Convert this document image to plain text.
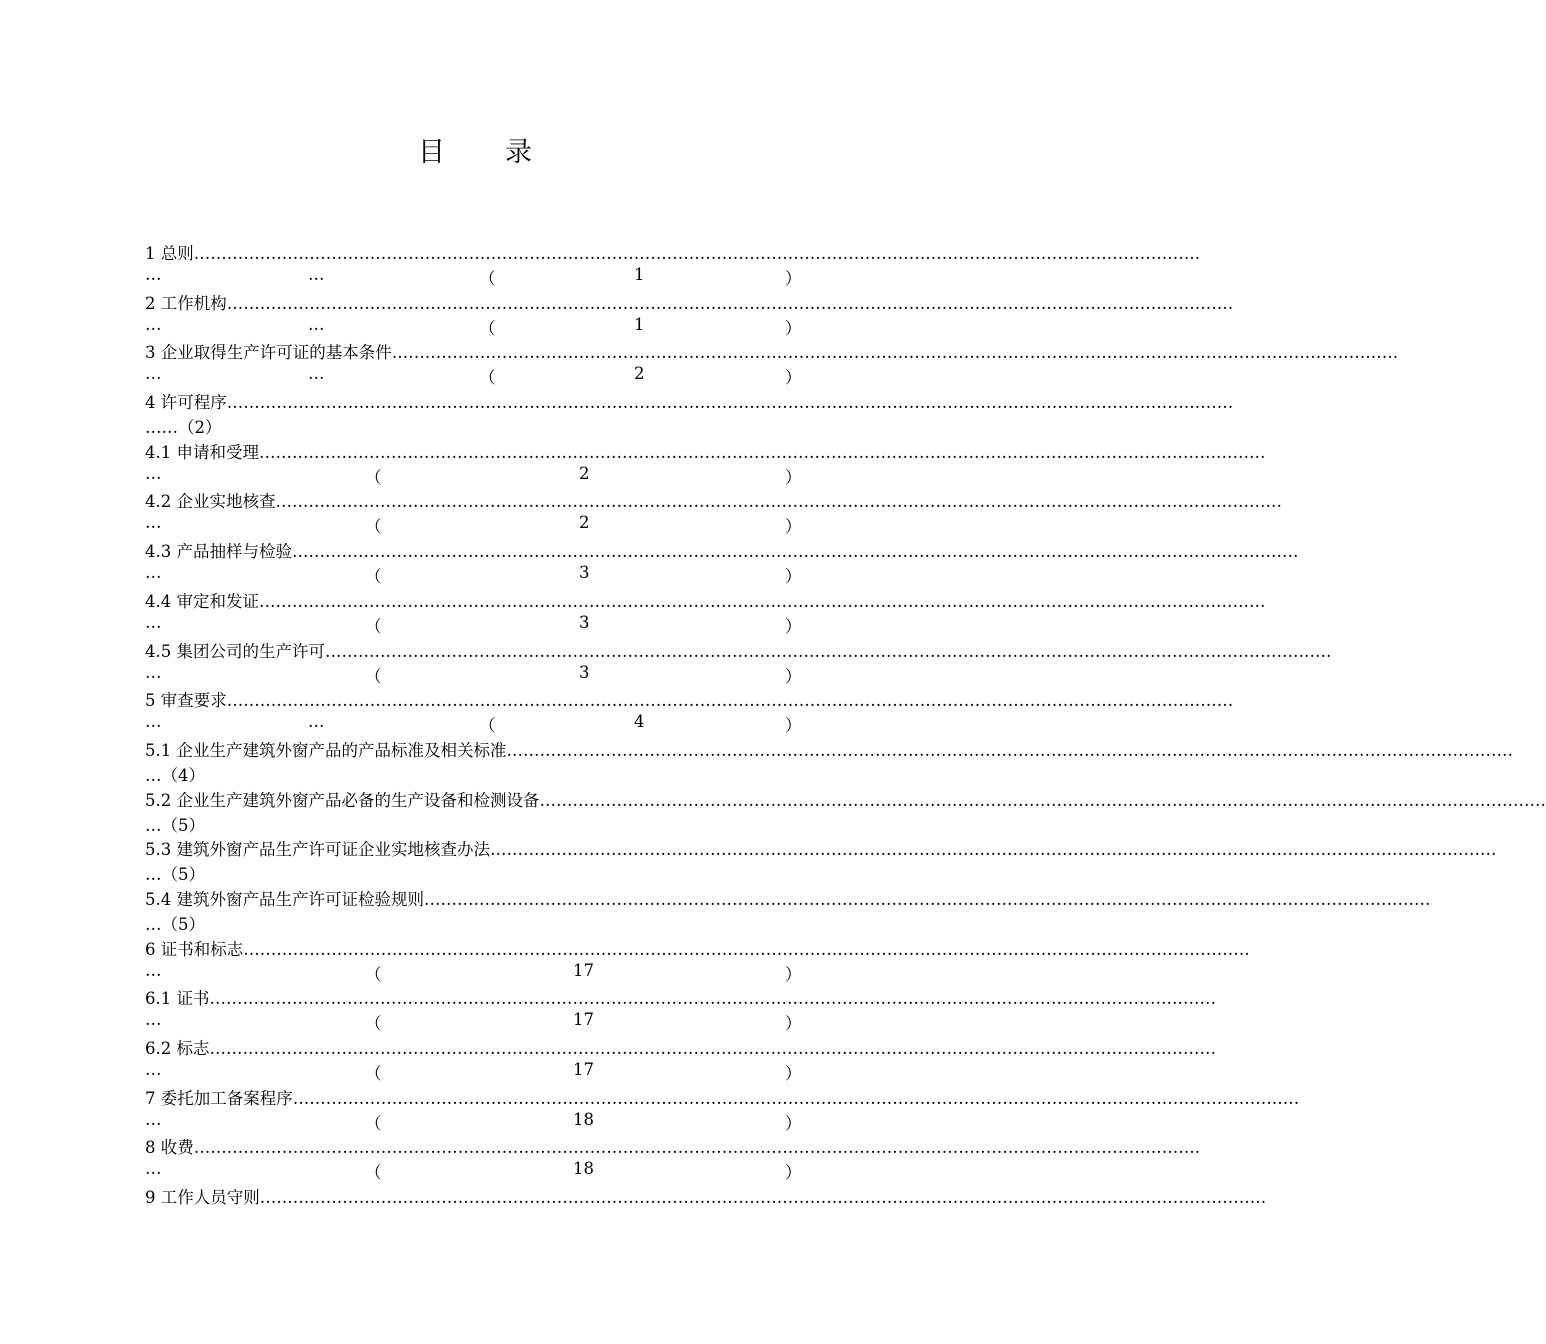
目 录
1 总则 …………………………………………………………………………………………………………………………………………………………………
…	…	（	1	）
2 工作机构 …………………………………………………………………………………………………………………………………………………………………
…	…	（	1	）
3 企业取得生产许可证的基本条件 …………………………………………………………………………………………………………………………………………………………………
…	…	（	2	）
4 许可程序 …………………………………………………………………………………………………………………………………………………………………
……（2）
4.1 申请和受理 …………………………………………………………………………………………………………………………………………………………………
…	（	2	）
4.2 企业实地核查 …………………………………………………………………………………………………………………………………………………………………
…	（	2	）
4.3 产品抽样与检验 …………………………………………………………………………………………………………………………………………………………………
…	（	3	）
4.4 审定和发证 …………………………………………………………………………………………………………………………………………………………………
…	（	3	）
4.5 集团公司的生产许可 …………………………………………………………………………………………………………………………………………………………………
…	（	3	）
5 审查要求 …………………………………………………………………………………………………………………………………………………………………
…	…	（	4	）
5.1 企业生产建筑外窗产品的产品标准及相关标准 …………………………………………………………………………………………………………………………………………………………………
…（4）
5.2 企业生产建筑外窗产品必备的生产设备和检测设备 …………………………………………………………………………………………………………………………………………………………………
…（5）
5.3 建筑外窗产品生产许可证企业实地核查办法 …………………………………………………………………………………………………………………………………………………………………
…（5）
5.4 建筑外窗产品生产许可证检验规则 …………………………………………………………………………………………………………………………………………………………………
…（5）
6 证书和标志 …………………………………………………………………………………………………………………………………………………………………
…	（	17	）
6.1 证书 …………………………………………………………………………………………………………………………………………………………………
…	（	17	）
6.2 标志 …………………………………………………………………………………………………………………………………………………………………
…	（	17	）
7 委托加工备案程序 …………………………………………………………………………………………………………………………………………………………………
…	（	18	）
8 收费 …………………………………………………………………………………………………………………………………………………………………
…	（	18	）
9 工作人员守则 …………………………………………………………………………………………………………………………………………………………………
